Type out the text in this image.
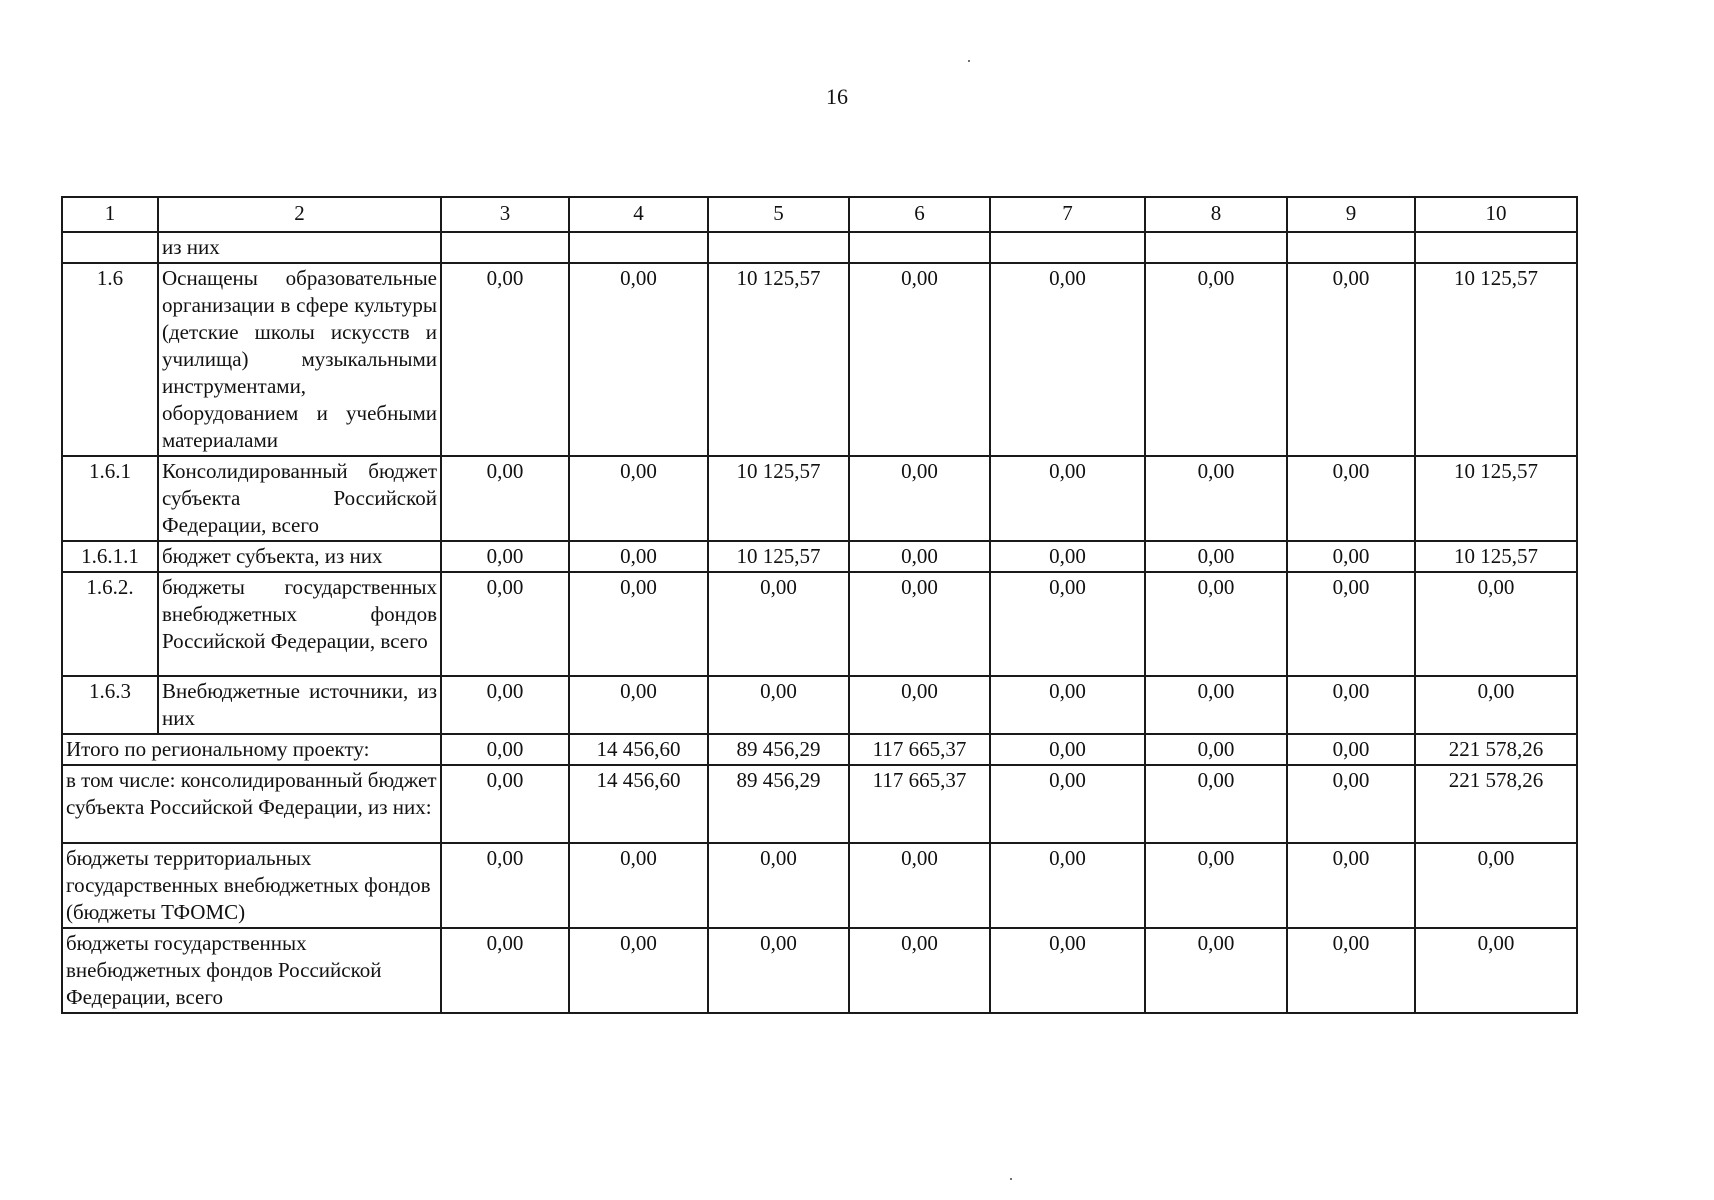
16
1	2	3	4	5	6	7	8	9	10
	из них								
1.6	Оснащены образовательные организации в сфере культуры (детские школы искусств и училища) музыкальными инструментами, оборудованием и учебными материалами	0,00	0,00	10 125,57	0,00	0,00	0,00	0,00	10 125,57
1.6.1	Консолидированный бюджет субъекта Российской Федерации, всего	0,00	0,00	10 125,57	0,00	0,00	0,00	0,00	10 125,57
1.6.1.1	бюджет субъекта, из них	0,00	0,00	10 125,57	0,00	0,00	0,00	0,00	10 125,57
1.6.2.	бюджеты государственных внебюджетных фондов Российской Федерации, всего	0,00	0,00	0,00	0,00	0,00	0,00	0,00	0,00
1.6.3	Внебюджетные источники, из них	0,00	0,00	0,00	0,00	0,00	0,00	0,00	0,00
Итого по региональному проекту:		0,00	14 456,60	89 456,29	117 665,37	0,00	0,00	0,00	221 578,26
в том числе: консолидированный бюджет субъекта Российской Федерации, из них:		0,00	14 456,60	89 456,29	117 665,37	0,00	0,00	0,00	221 578,26
бюджеты территориальных государственных внебюджетных фондов (бюджеты ТФОМС)		0,00	0,00	0,00	0,00	0,00	0,00	0,00	0,00
бюджеты государственных внебюджетных фондов Российской Федерации, всего		0,00	0,00	0,00	0,00	0,00	0,00	0,00	0,00
